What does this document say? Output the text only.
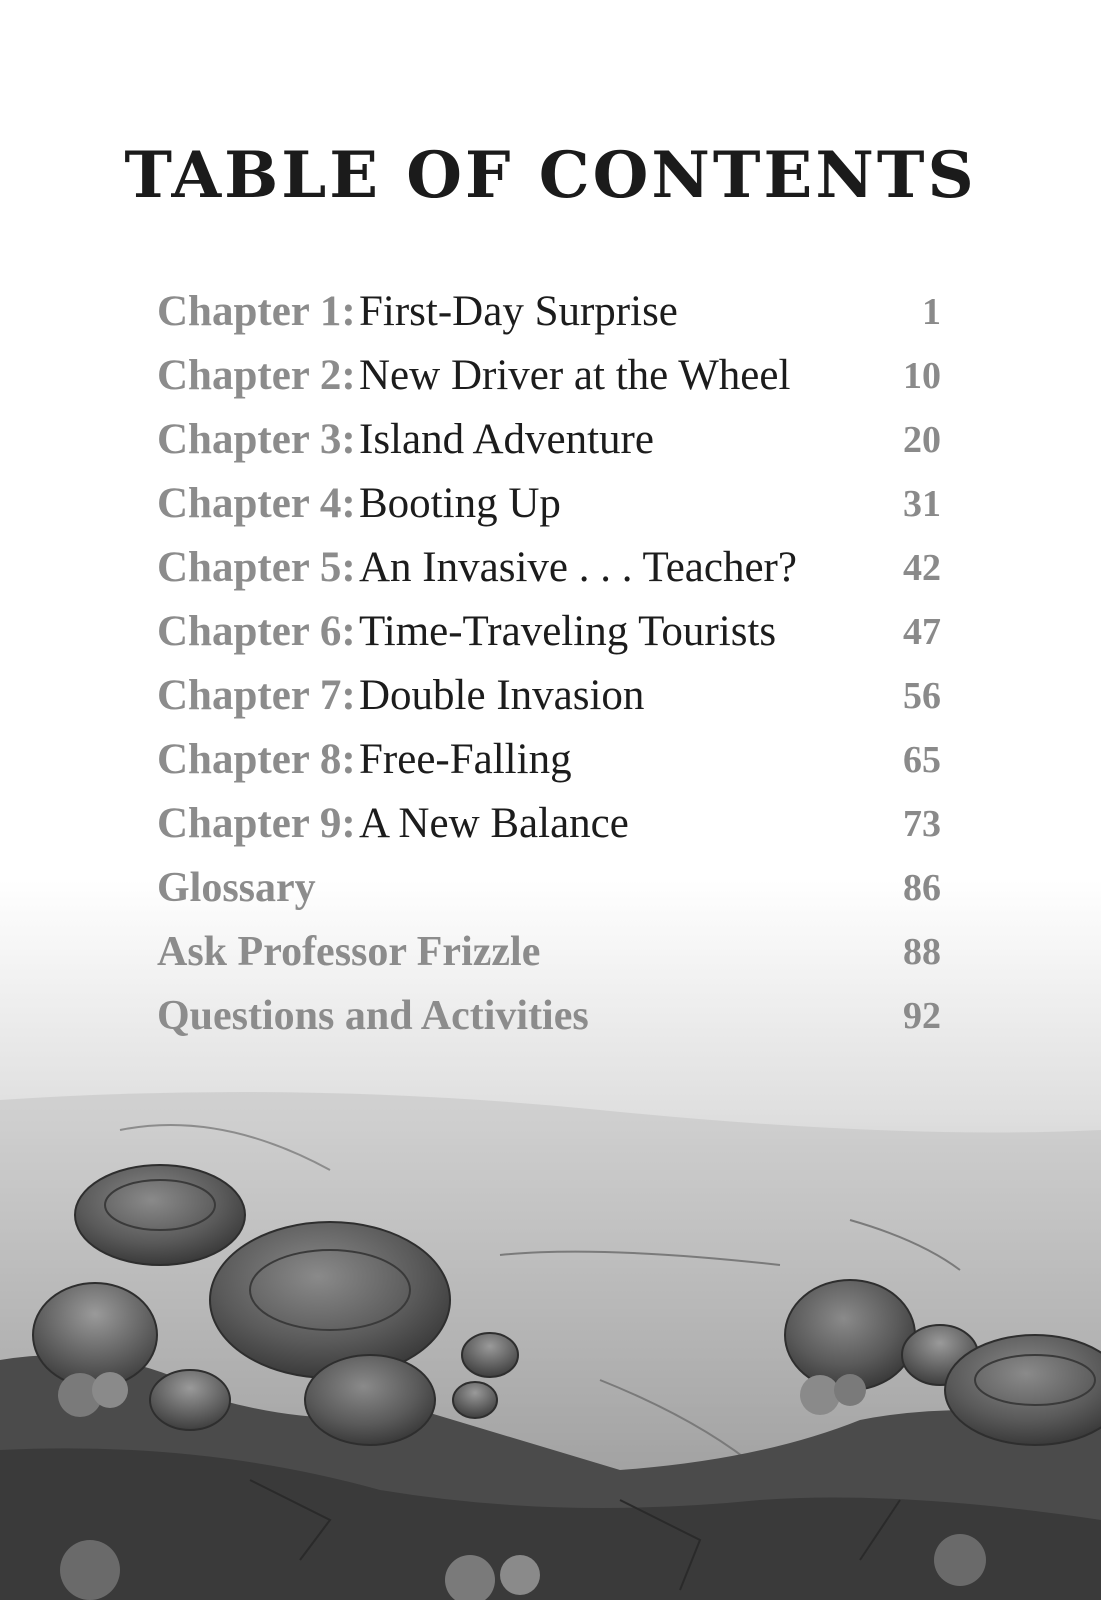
TABLE OF CONTENTS
Chapter 1: First-Day Surprise	1
Chapter 2: New Driver at the Wheel	10
Chapter 3: Island Adventure	20
Chapter 4: Booting Up	31
Chapter 5: An Invasive . . . Teacher?	42
Chapter 6: Time-Traveling Tourists	47
Chapter 7: Double Invasion	56
Chapter 8: Free-Falling	65
Chapter 9: A New Balance	73
Glossary	86
Ask Professor Frizzle	88
Questions and Activities	92
